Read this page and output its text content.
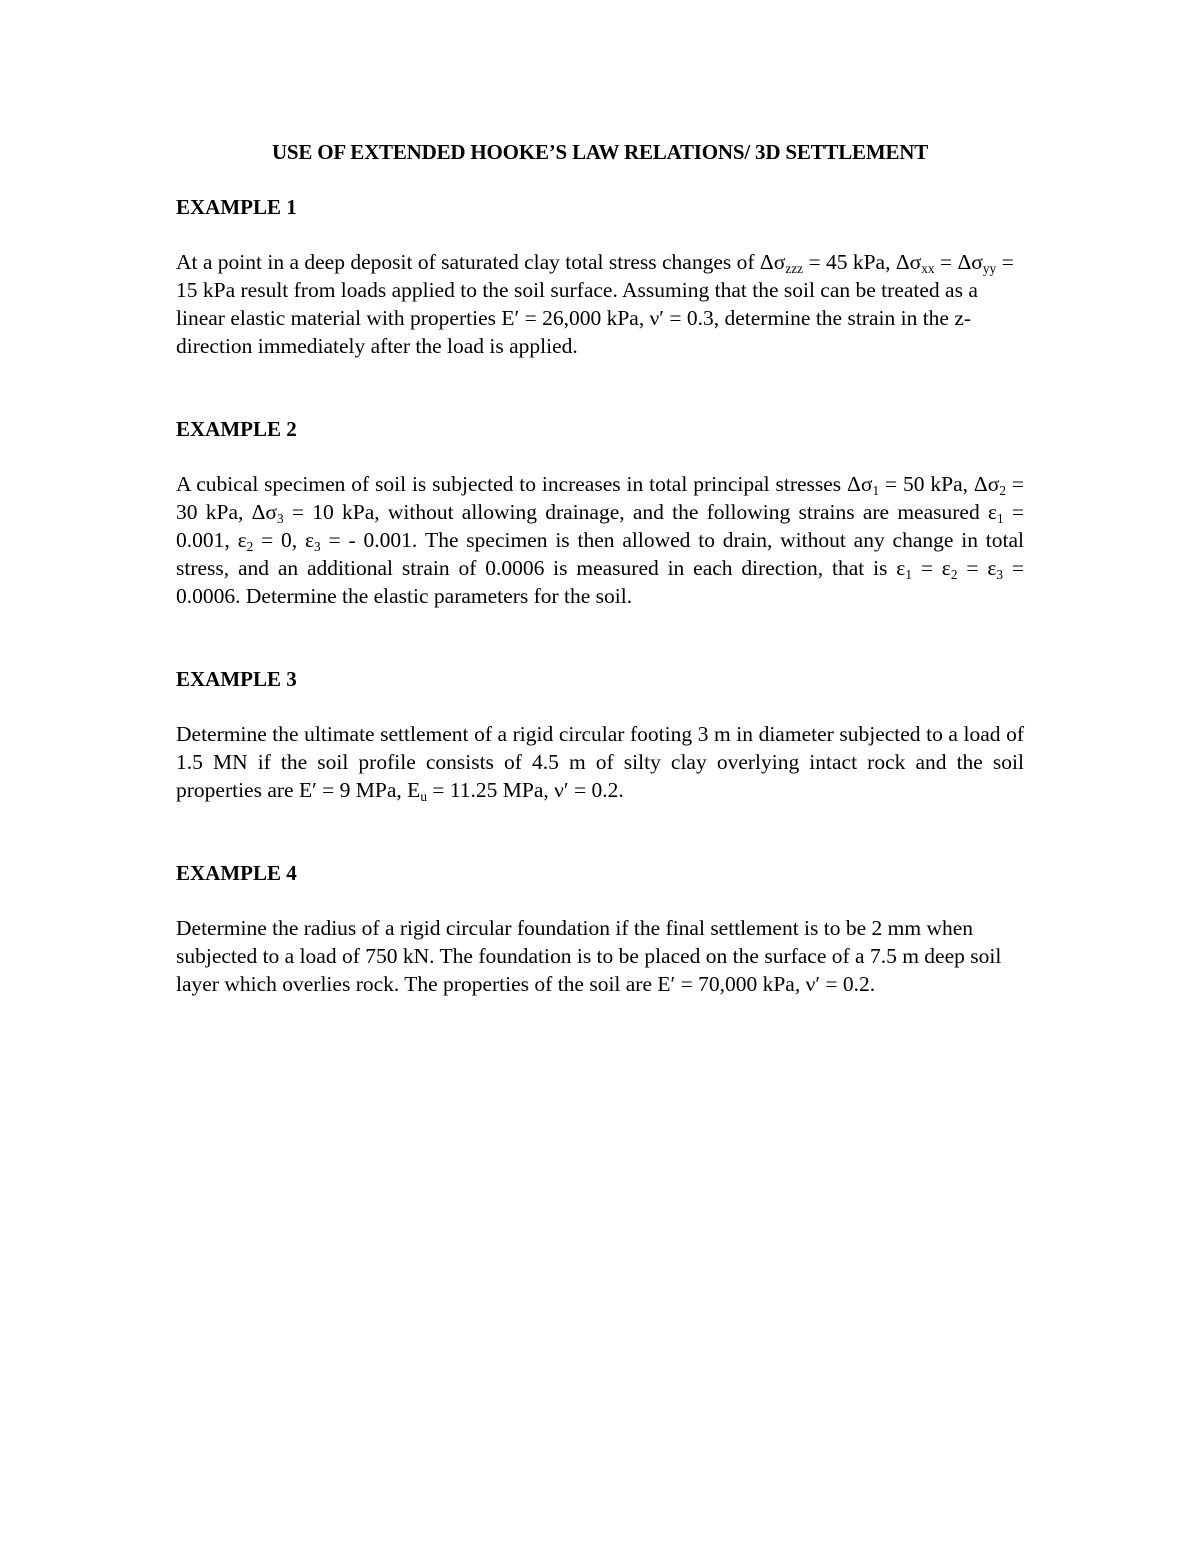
USE OF EXTENDED HOOKE’S LAW RELATIONS/ 3D SETTLEMENT
EXAMPLE 1

At a point in a deep deposit of saturated clay total stress changes of $\Delta\sigma_{zzz} = 45$ kPa, $\Delta\sigma_{xx} = \Delta\sigma_{yy} = 15$ kPa result from loads applied to the soil surface. Assuming that the soil can be treated as a linear elastic material with properties E′ = 26,000 kPa, ν′ = 0.3, determine the strain in the z-direction immediately after the load is applied.

EXAMPLE 2

A cubical specimen of soil is subjected to increases in total principal stresses $\Delta\sigma_1 = 50$ kPa, $\Delta\sigma_2 = 30$ kPa, $\Delta\sigma_3 = 10$ kPa, without allowing drainage, and the following strains are measured $\varepsilon_1 = 0.001$, $\varepsilon_2 = 0$, $\varepsilon_3$ = - 0.001. The specimen is then allowed to drain, without any change in total stress, and an additional strain of 0.0006 is measured in each direction, that is $\varepsilon_1 = \varepsilon_2 = \varepsilon_3 = 0.0006$. Determine the elastic parameters for the soil.

EXAMPLE 3

Determine the ultimate settlement of a rigid circular footing 3 m in diameter subjected to a load of 1.5 MN if the soil profile consists of 4.5 m of silty clay overlying intact rock and the soil properties are E′ = 9 MPa, $E_u = 11.25$ MPa, ν′ = 0.2.

EXAMPLE 4

Determine the radius of a rigid circular foundation if the final settlement is to be 2 mm when subjected to a load of 750 kN. The foundation is to be placed on the surface of a 7.5 m deep soil layer which overlies rock. The properties of the soil are E′ = 70,000 kPa, ν′ = 0.2.
